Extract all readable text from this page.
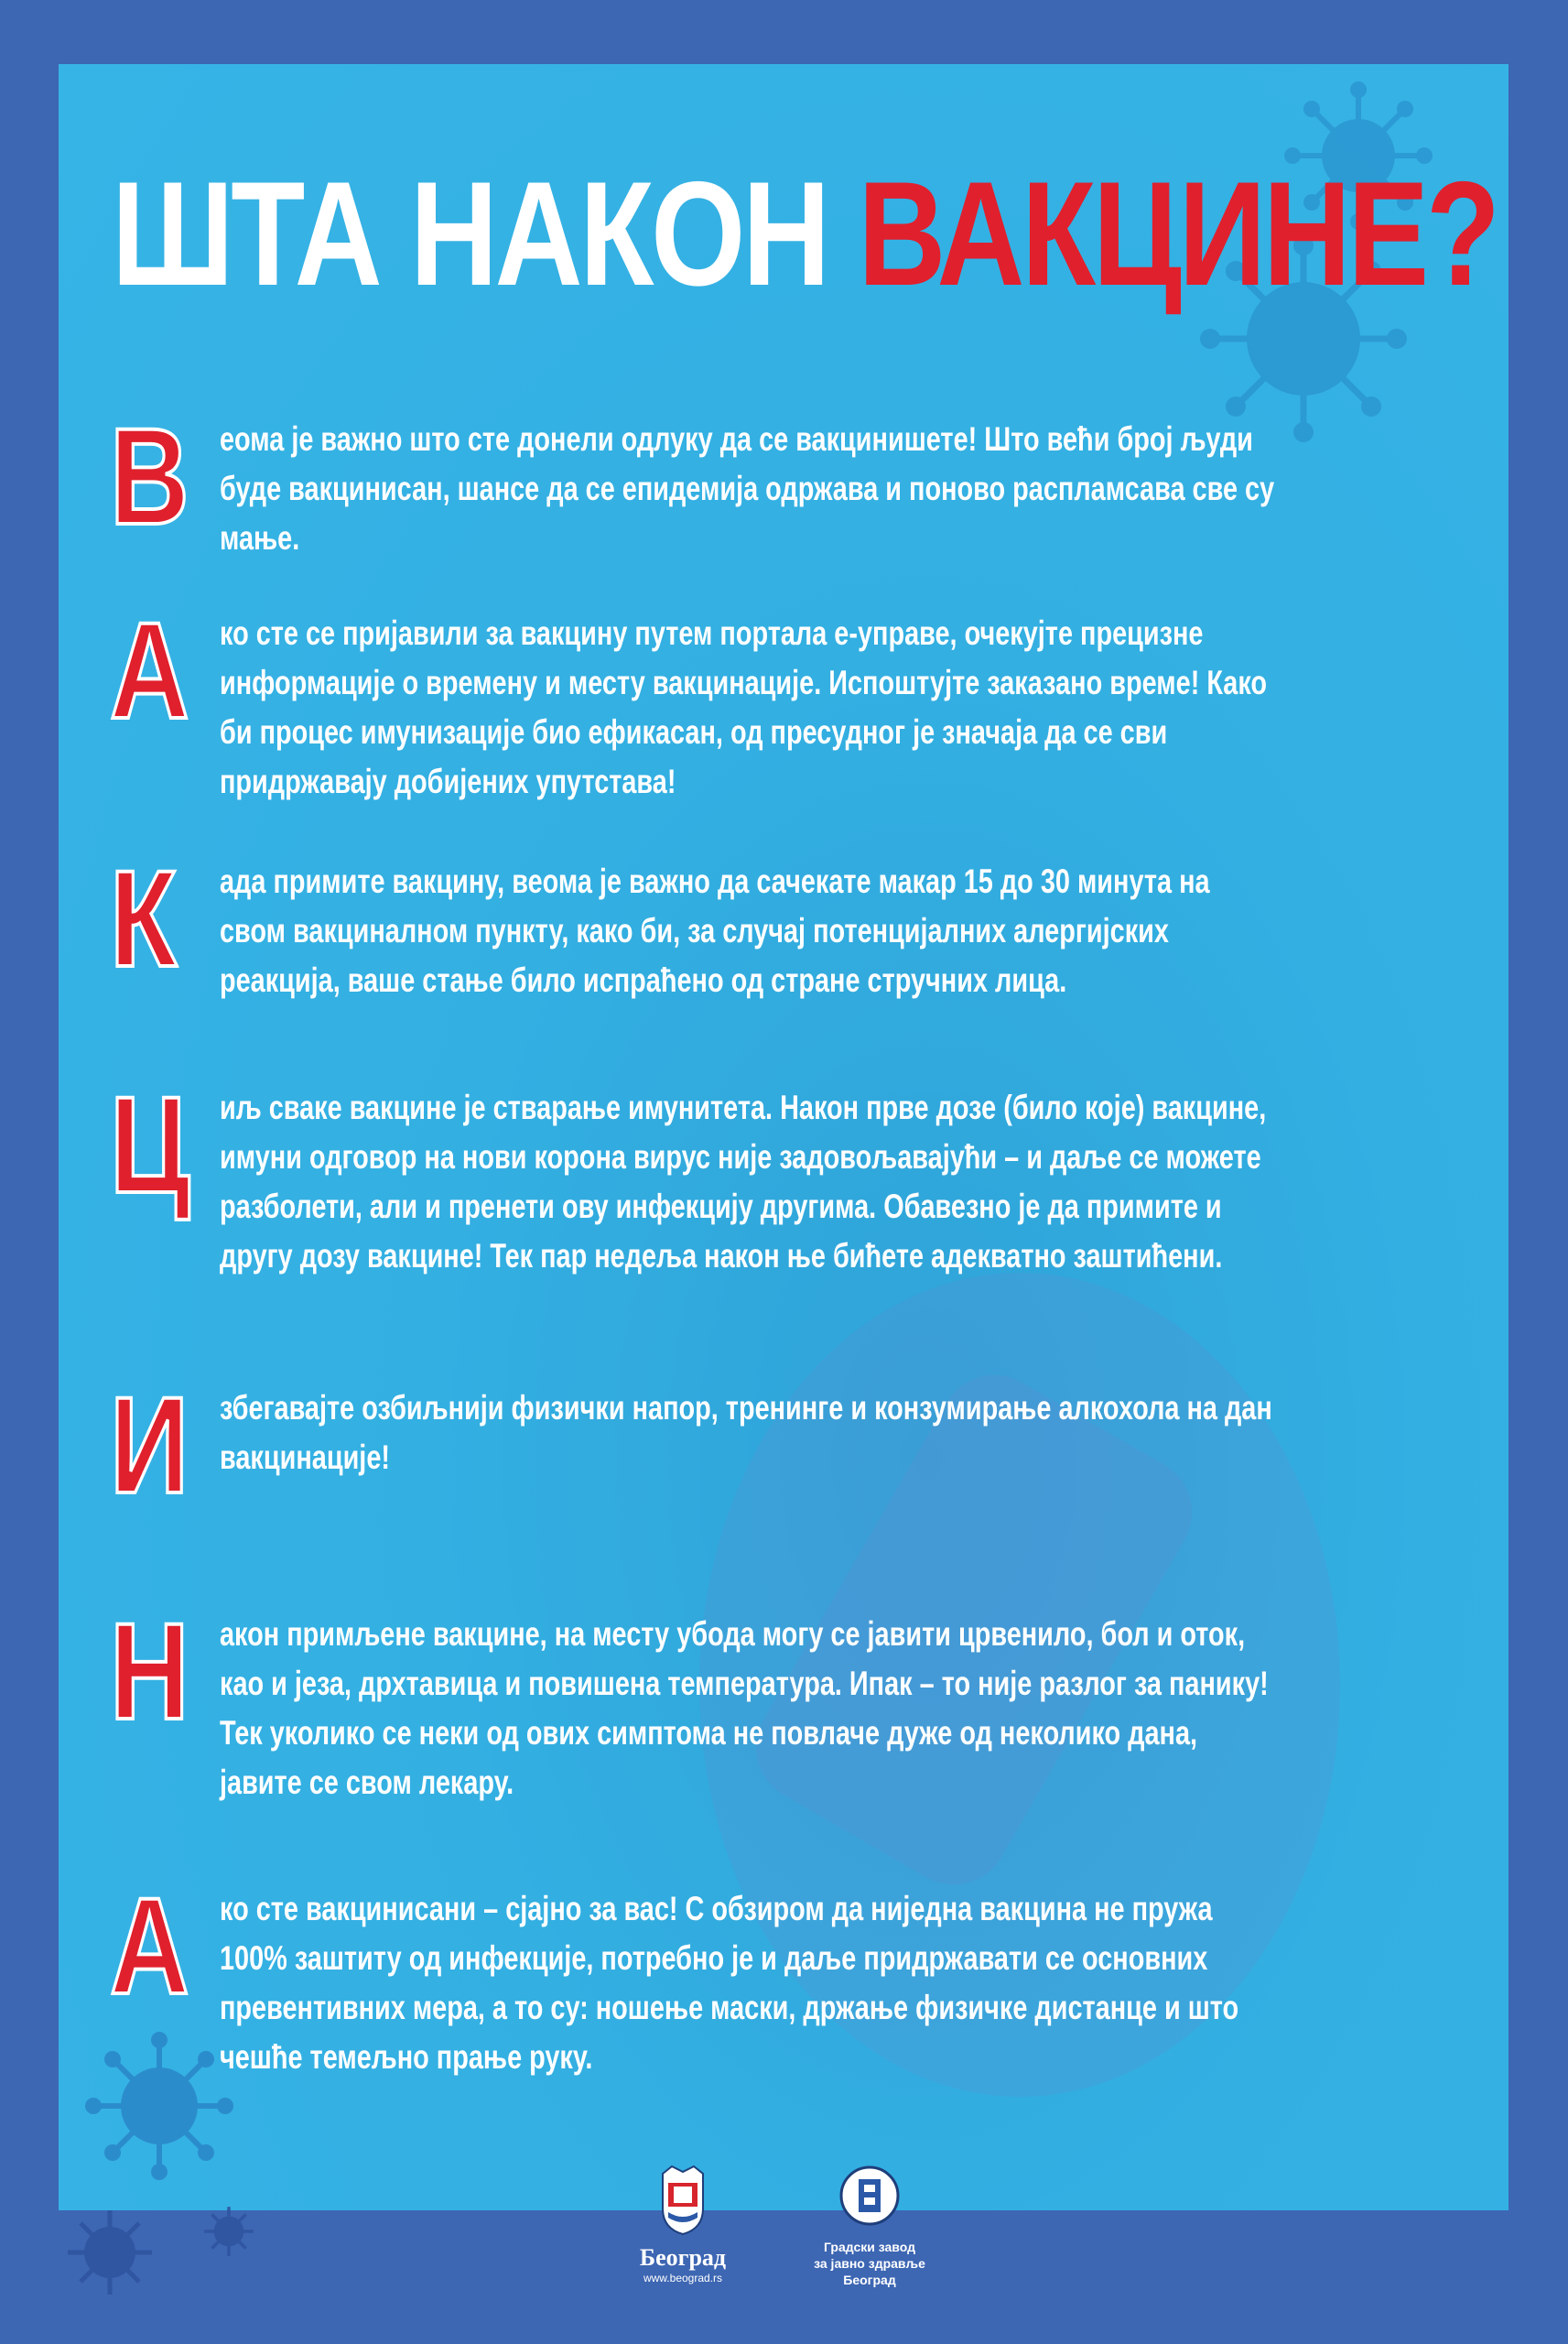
ШТА НАКОН ВАКЦИНЕ?
В еома је важно што сте донели одлуку да се вакцинишете! Што већи број људи буде вакцинисан, шансе да се епидемија одржава и поново распламсава све су мање.
А ко сте се пријавили за вакцину путем портала е-управе, очекујте прецизне информације о времену и месту вакцинације. Испоштујте заказано време! Како би процес имунизације био ефикасан, од пресудног је значаја да се сви придржавају добијених упутстава!
К	ада примите вакцину, веома је важно да сачекате макар 15 до 30 минута на свом вакциналном пункту, како би, за случај потенцијалних алергијских реакција, ваше стање било испраћено од стране стручних лица.
Ц иљ сваке вакцине је стварање имунитета. Након прве дозе (било које) вакцине, имуни одговор на нови корона вирус није задовољавајући – и даље се можете разболети, али и пренети ову инфекцију другима. Обавезно је да примите и другу дозу вакцине! Тек пар недеља након ње бићете адекватно заштићени.
И збегавајте озбиљнији физички напор, тренинге и конзумирање алкохола на дан вакцинације!
Н акон примљене вакцине, на месту убода могу се јавити црвенило, бол и оток, као и језа, дрхтавица и повишена температура. Ипак – то није разлог за панику! Тек уколико се неки од ових симптома не повлаче дуже од неколико дана, јавите се свом лекару.
А ко сте вакцинисани – сјајно за вас! С обзиром да ниједна вакцина не пружа 100% заштиту од инфекције, потребно је и даље придржавати се основних превентивних мера, а то су: ношење маски, држање физичке дистанце и што чешће темељно прање руку.
Београд
www.beograd.rs
Градски завод
за јавно здравље Београд
